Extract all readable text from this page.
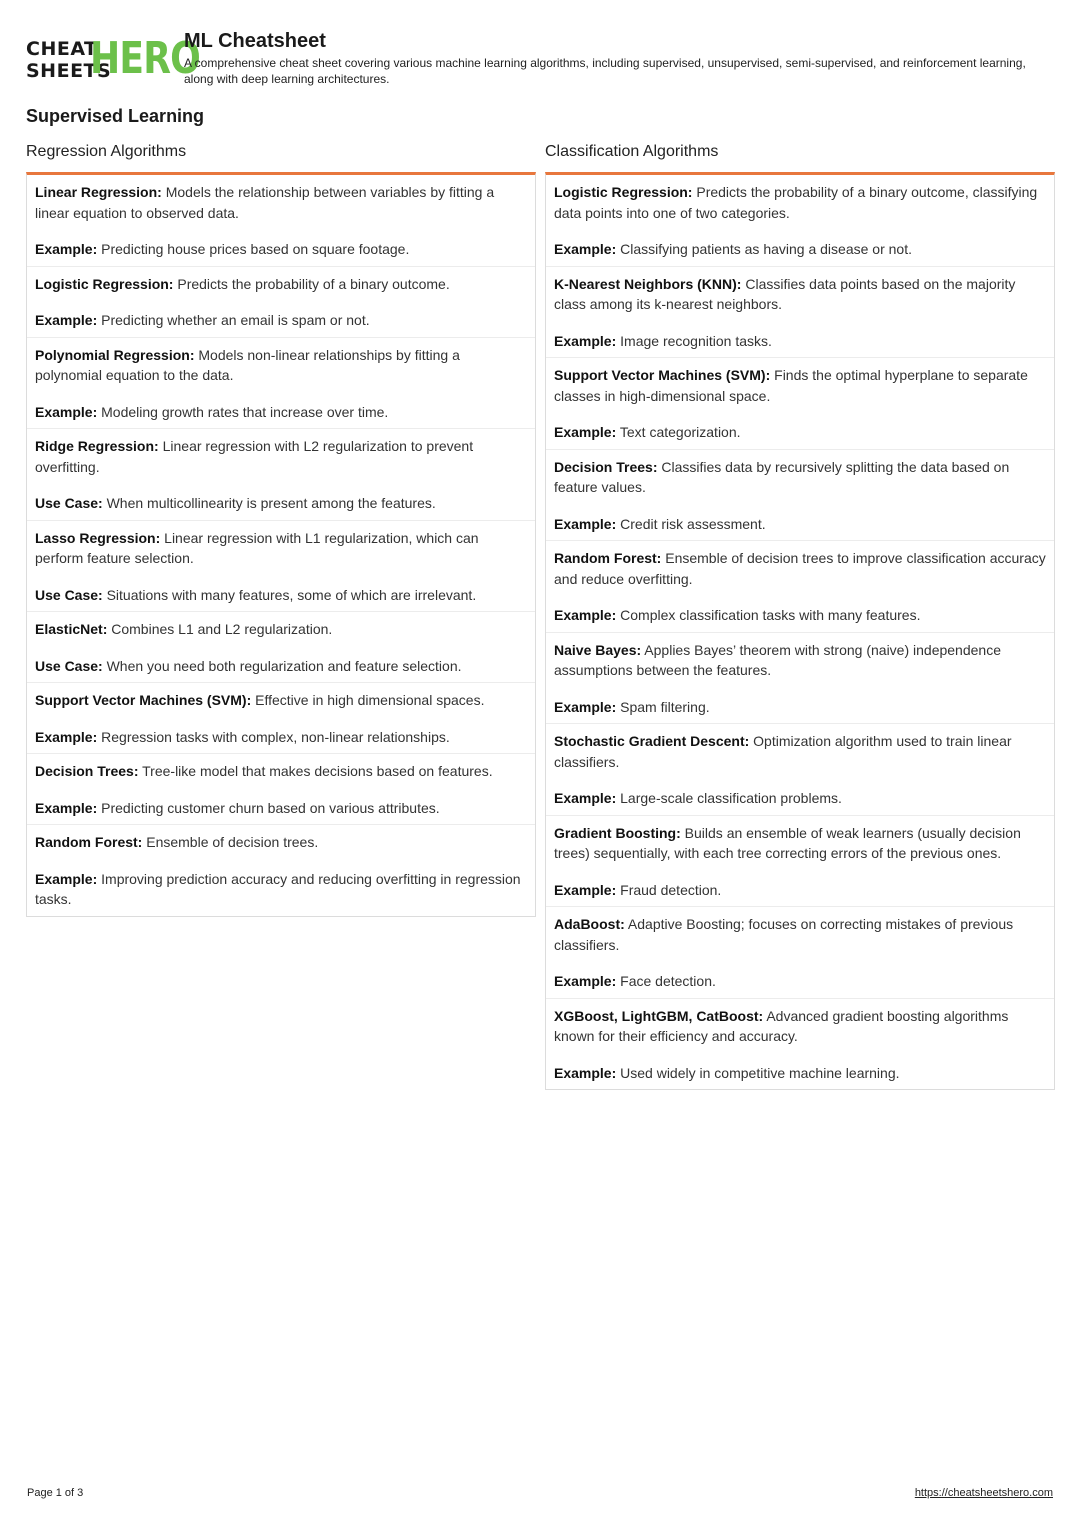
CHEAT
SHEETS
HERO
ML Cheatsheet
A comprehensive cheat sheet covering various machine learning algorithms, including supervised, unsupervised, semi-supervised, and reinforcement learning, along with deep learning architectures.
Supervised Learning
Regression Algorithms

Linear Regression: Models the relationship between variables by fitting a linear equation to observed data.

Example: Predicting house prices based on square footage.

Logistic Regression: Predicts the probability of a binary outcome.

Example: Predicting whether an email is spam or not.

Polynomial Regression: Models non-linear relationships by fitting a polynomial equation to the data.

Example: Modeling growth rates that increase over time.

Ridge Regression: Linear regression with L2 regularization to prevent overfitting.

Use Case: When multicollinearity is present among the features.

Lasso Regression: Linear regression with L1 regularization, which can perform feature selection.

Use Case: Situations with many features, some of which are irrelevant.

ElasticNet: Combines L1 and L2 regularization.

Use Case: When you need both regularization and feature selection.

Support Vector Machines (SVM): Effective in high dimensional spaces.

Example: Regression tasks with complex, non-linear relationships.

Decision Trees: Tree-like model that makes decisions based on features.

Example: Predicting customer churn based on various attributes.

Random Forest: Ensemble of decision trees.

Example: Improving prediction accuracy and reducing overfitting in regression tasks.

Classification Algorithms

Logistic Regression: Predicts the probability of a binary outcome, classifying data points into one of two categories.

Example: Classifying patients as having a disease or not.

K-Nearest Neighbors (KNN): Classifies data points based on the majority class among its k-nearest neighbors.

Example: Image recognition tasks.

Support Vector Machines (SVM): Finds the optimal hyperplane to separate classes in high-dimensional space.

Example: Text categorization.

Decision Trees: Classifies data by recursively splitting the data based on feature values.

Example: Credit risk assessment.

Random Forest: Ensemble of decision trees to improve classification accuracy and reduce overfitting.

Example: Complex classification tasks with many features.

Naive Bayes: Applies Bayes’ theorem with strong (naive) independence assumptions between the features.

Example: Spam filtering.

Stochastic Gradient Descent: Optimization algorithm used to train linear classifiers.

Example: Large-scale classification problems.

Gradient Boosting: Builds an ensemble of weak learners (usually decision trees) sequentially, with each tree correcting errors of the previous ones.

Example: Fraud detection.

AdaBoost: Adaptive Boosting; focuses on correcting mistakes of previous classifiers.

Example: Face detection.

XGBoost, LightGBM, CatBoost: Advanced gradient boosting algorithms known for their efficiency and accuracy.

Example: Used widely in competitive machine learning.

Page 1 of 3	https://cheatsheetshero.com
